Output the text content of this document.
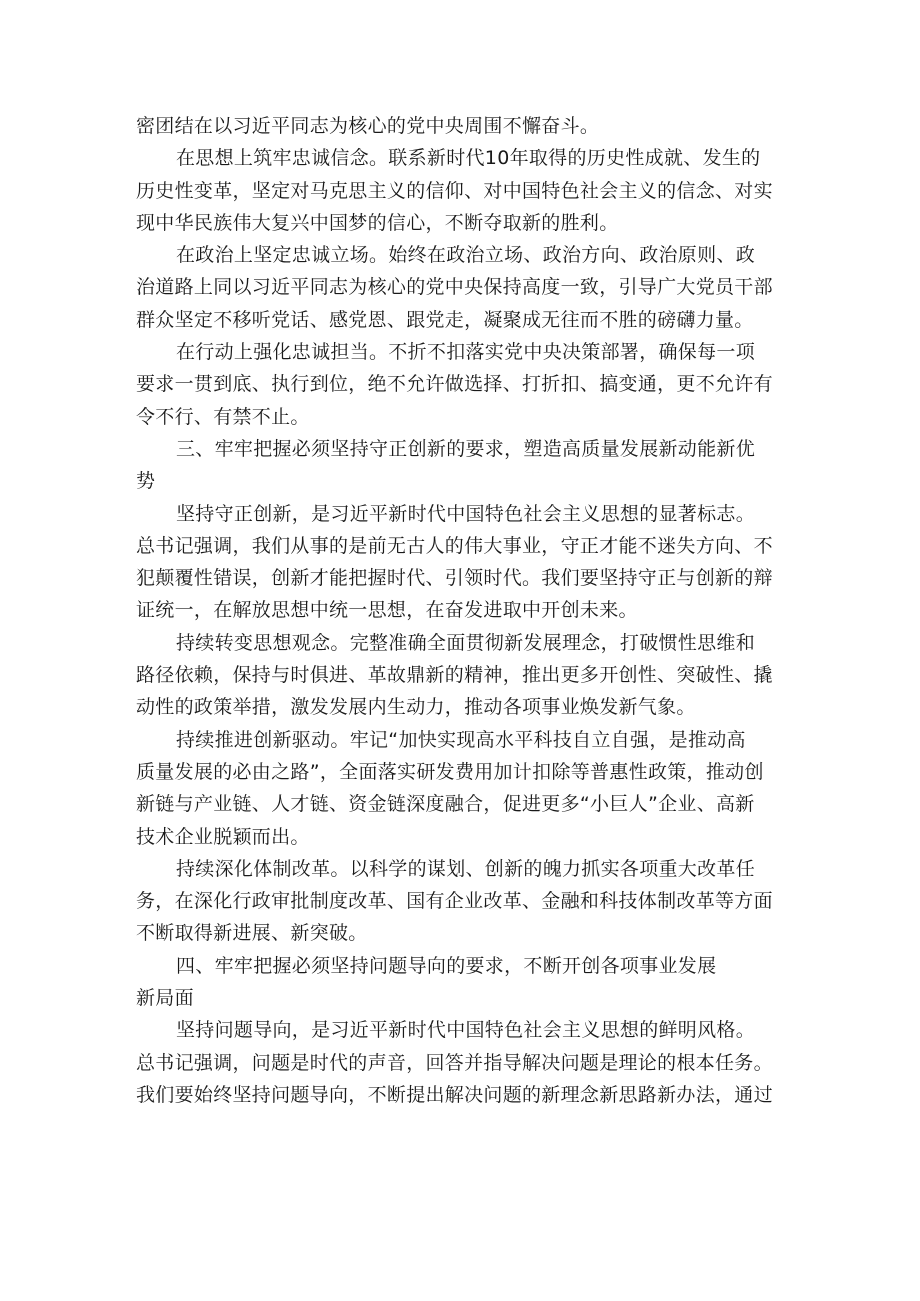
密团结在以习近平同志为核心的党中央周围不懈奋斗。
在思想上筑牢忠诚信念。联系新时代10年取得的历史性成就、发生的
历史性变革，坚定对马克思主义的信仰、对中国特色社会主义的信念、对实
现中华民族伟大复兴中国梦的信心，不断夺取新的胜利。
在政治上坚定忠诚立场。始终在政治立场、政治方向、政治原则、政
治道路上同以习近平同志为核心的党中央保持高度一致，引导广大党员干部
群众坚定不移听党话、感党恩、跟党走，凝聚成无往而不胜的磅礴力量。
在行动上强化忠诚担当。不折不扣落实党中央决策部署，确保每一项
要求一贯到底、执行到位，绝不允许做选择、打折扣、搞变通，更不允许有
令不行、有禁不止。
三、牢牢把握必须坚持守正创新的要求，塑造高质量发展新动能新优
势
坚持守正创新，是习近平新时代中国特色社会主义思想的显著标志。
总书记强调，我们从事的是前无古人的伟大事业，守正才能不迷失方向、不
犯颠覆性错误，创新才能把握时代、引领时代。我们要坚持守正与创新的辩
证统一，在解放思想中统一思想，在奋发进取中开创未来。
持续转变思想观念。完整准确全面贯彻新发展理念，打破惯性思维和
路径依赖，保持与时俱进、革故鼎新的精神，推出更多开创性、突破性、撬
动性的政策举措，激发发展内生动力，推动各项事业焕发新气象。
持续推进创新驱动。牢记“加快实现高水平科技自立自强，是推动高
质量发展的必由之路”，全面落实研发费用加计扣除等普惠性政策，推动创
新链与产业链、人才链、资金链深度融合，促进更多“小巨人”企业、高新
技术企业脱颖而出。
持续深化体制改革。以科学的谋划、创新的魄力抓实各项重大改革任
务，在深化行政审批制度改革、国有企业改革、金融和科技体制改革等方面
不断取得新进展、新突破。
四、牢牢把握必须坚持问题导向的要求，不断开创各项事业发展
新局面
坚持问题导向，是习近平新时代中国特色社会主义思想的鲜明风格。
总书记强调，问题是时代的声音，回答并指导解决问题是理论的根本任务。
我们要始终坚持问题导向，不断提出解决问题的新理念新思路新办法，通过
